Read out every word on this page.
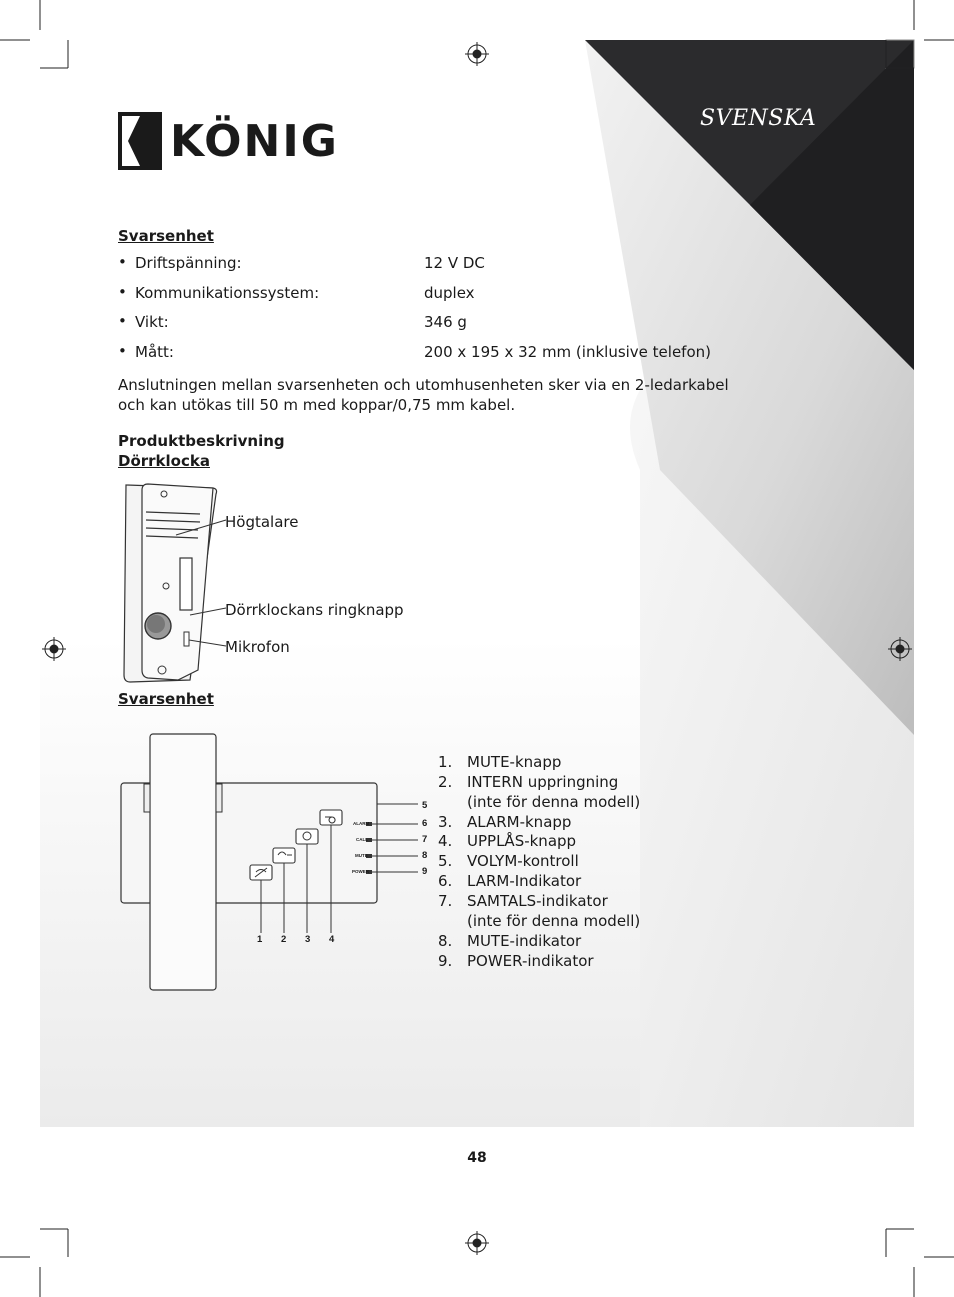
KÖNIG	SVENSKA
Svarsenhet
• Driftspänning:	12 V DC
• Kommunikationssystem:	duplex
• Vikt:	346 g
• Mått:	200 x 195 x 32 mm (inklusive telefon)
Anslutningen mellan svarsenheten och utomhusenheten sker via en 2-ledarkabel och kan utökas till 50 m med koppar/0,75 mm kabel.
Produktbeskrivning
Dörrklocka
Högtalare
Dörrklockans ringknapp
Mikrofon
Svarsenhet
ALARM
CALL
MUTE
POWER
1 2 3 4
5
6
7
8
9
1. MUTE-knapp
2. INTERN uppringning
(inte för denna modell)
3. ALARM-knapp
4. UPPLÅS-knapp
5. VOLYM-kontroll
6. LARM-Indikator
7. SAMTALS-indikator
(inte för denna modell)
8. MUTE-indikator
9. POWER-indikator
48
